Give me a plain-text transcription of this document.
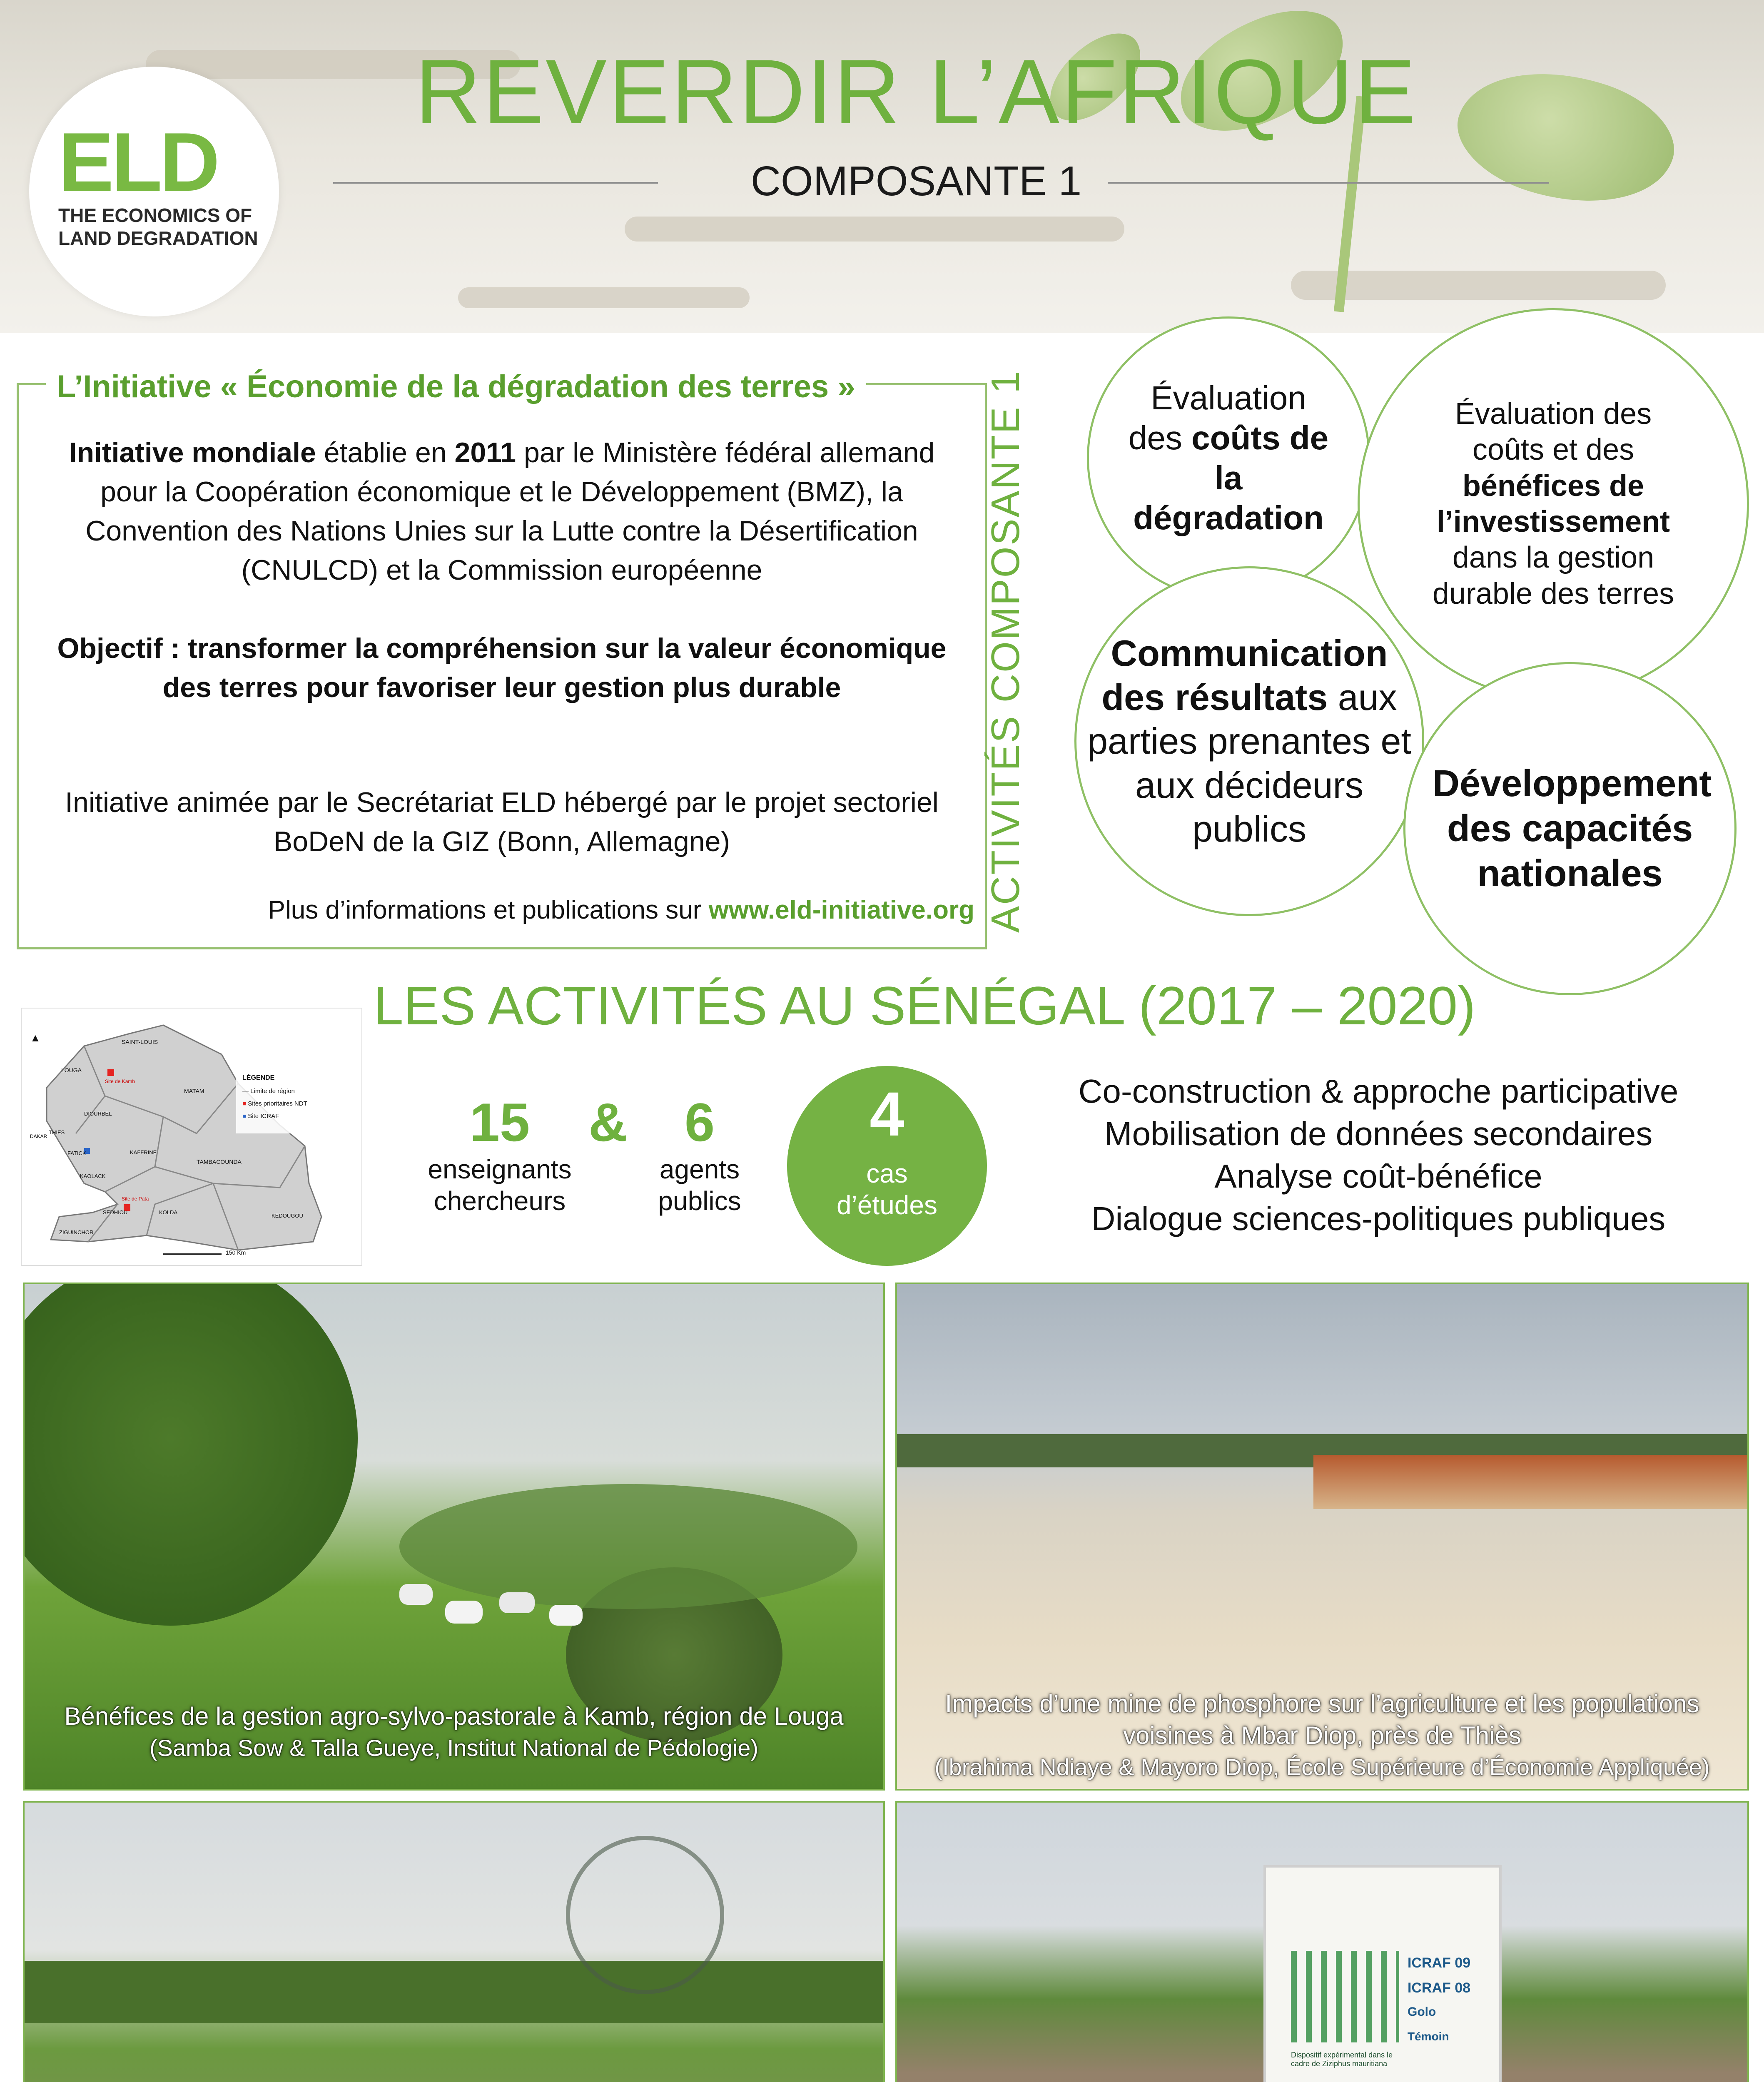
ELD
THE ECONOMICS OF
LAND DEGRADATION
REVERDIR L’AFRIQUE
COMPOSANTE 1
L’Initiative « Économie de la dégradation des terres »
Initiative mondiale établie en 2011 par le Ministère fédéral allemand pour la Coopération économique et le Développement (BMZ), la Convention des Nations Unies sur la Lutte contre la Désertification (CNULCD) et la Commission européenne
Objectif : transformer la compréhension sur la valeur économique des terres pour favoriser leur gestion plus durable
Initiative animée par le Secrétariat ELD hébergé par le projet sectoriel BoDeN de la GIZ (Bonn, Allemagne)
Plus d’informations et publications sur www.eld-initiative.org ACTIVITÉS COMPOSANTE 1	Évaluation des coûts de la dégradation
Évaluation des coûts et des bénéfices de l’investissement dans la gestion durable des terres
Communication des résultats aux parties prenantes et aux décideurs publics
Développement des capacités nationales
LES ACTIVITÉS AU SÉNÉGAL (2017 – 2020)
▲	SAINT-LOUIS
LOUGA
MATAM
DIOURBEL
THIES
FATICK
KAOLACK
KAFFRINE
TAMBACOUNDA
SEDHIOU	KOLDA
KEDOUGOU
ZIGUINCHOR
DAKAR
Site de Kamb
Site de Pata
LÉGENDE
— Limite de région
■ Sites prioritaires NDT
■ Site ICRAF
150 Km
15 &	6
enseignants
chercheurs
agents
publics
4
cas
d’études
Co-construction & approche participative
Mobilisation de données secondaires
Analyse coût-bénéfice
Dialogue sciences-politiques publiques
Bénéfices de la gestion agro-sylvo-pastorale à Kamb, région de Louga
(Samba Sow & Talla Gueye, Institut National de Pédologie)
Impacts d’une mine de phosphore sur l’agriculture et les populations
voisines à Mbar Diop, près de Thiès
(Ibrahima Ndiaye & Mayoro Diop, École Supérieure d’Économie Appliquée)
ICRAF 09
ICRAF 08
Golo
Témoin
Dispositif expérimental dans le cadre de Ziziphus mauritiana
